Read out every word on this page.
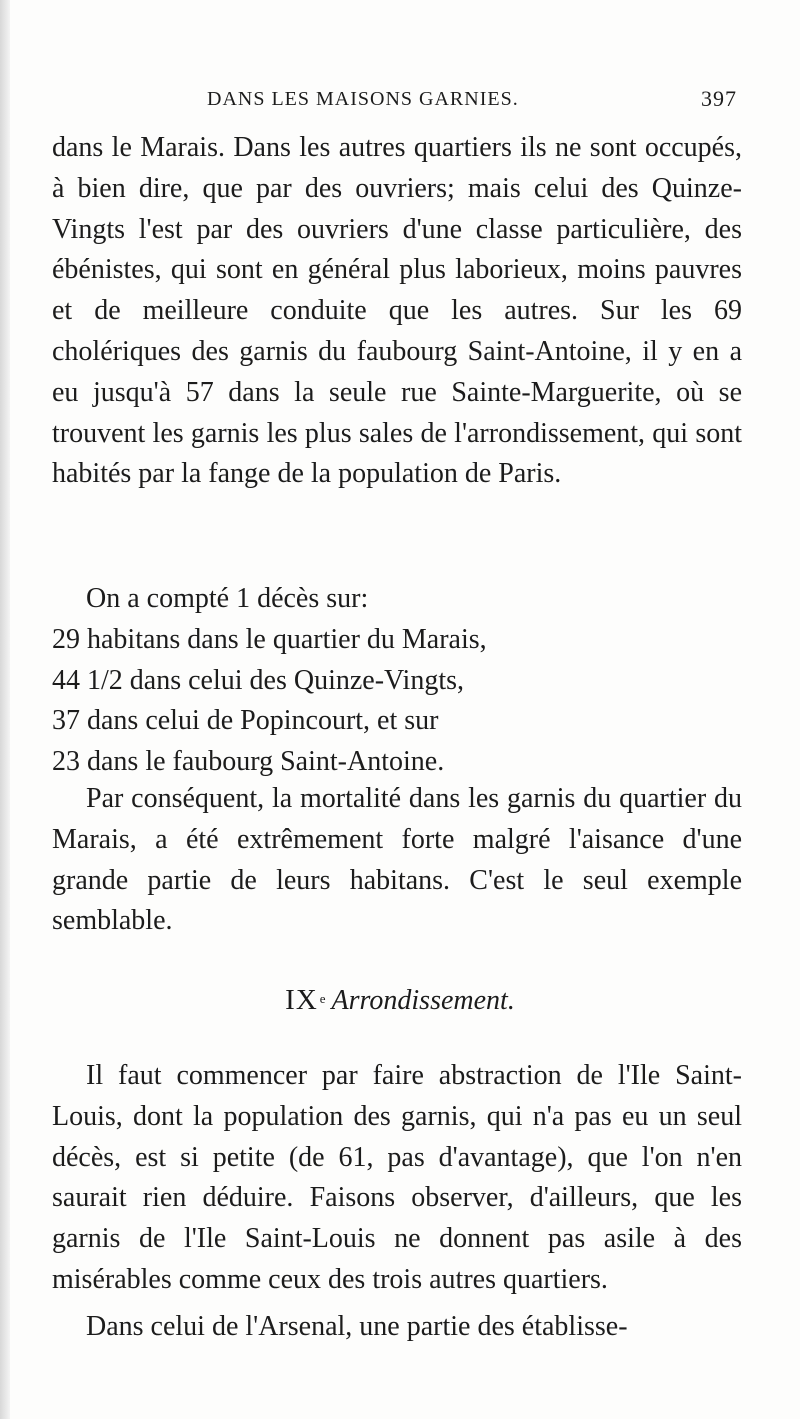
DANS LES MAISONS GARNIES.	397

dans le Marais. Dans les autres quartiers ils ne sont occupés, à bien dire, que par des ouvriers; mais celui des Quinze-Vingts l'est par des ouvriers d'une classe particulière, des ébénistes, qui sont en général plus laborieux, moins pauvres et de meilleure conduite que les autres. Sur les 69 cholériques des garnis du faubourg Saint-Antoine, il y en a eu jusqu'à 57 dans la seule rue Sainte-Marguerite, où se trouvent les garnis les plus sales de l'arrondissement, qui sont habités par la fange de la population de Paris.

On a compté 1 décès sur:
29 habitans dans le quartier du Marais,
44 1/2 dans celui des Quinze-Vingts,
37 dans celui de Popincourt, et sur
23 dans le faubourg Saint-Antoine.

Par conséquent, la mortalité dans les garnis du quartier du Marais, a été extrêmement forte malgré l'aisance d'une grande partie de leurs habitans. C'est le seul exemple semblable.

IX $^e$ Arrondissement.

Il faut commencer par faire abstraction de l'Ile Saint-Louis, dont la population des garnis, qui n'a pas eu un seul décès, est si petite (de 61, pas d'avantage), que l'on n'en saurait rien déduire. Faisons observer, d'ailleurs, que les garnis de l'Ile Saint-Louis ne donnent pas asile à des misérables comme ceux des trois autres quartiers.

Dans celui de l'Arsenal, une partie des établisse-
